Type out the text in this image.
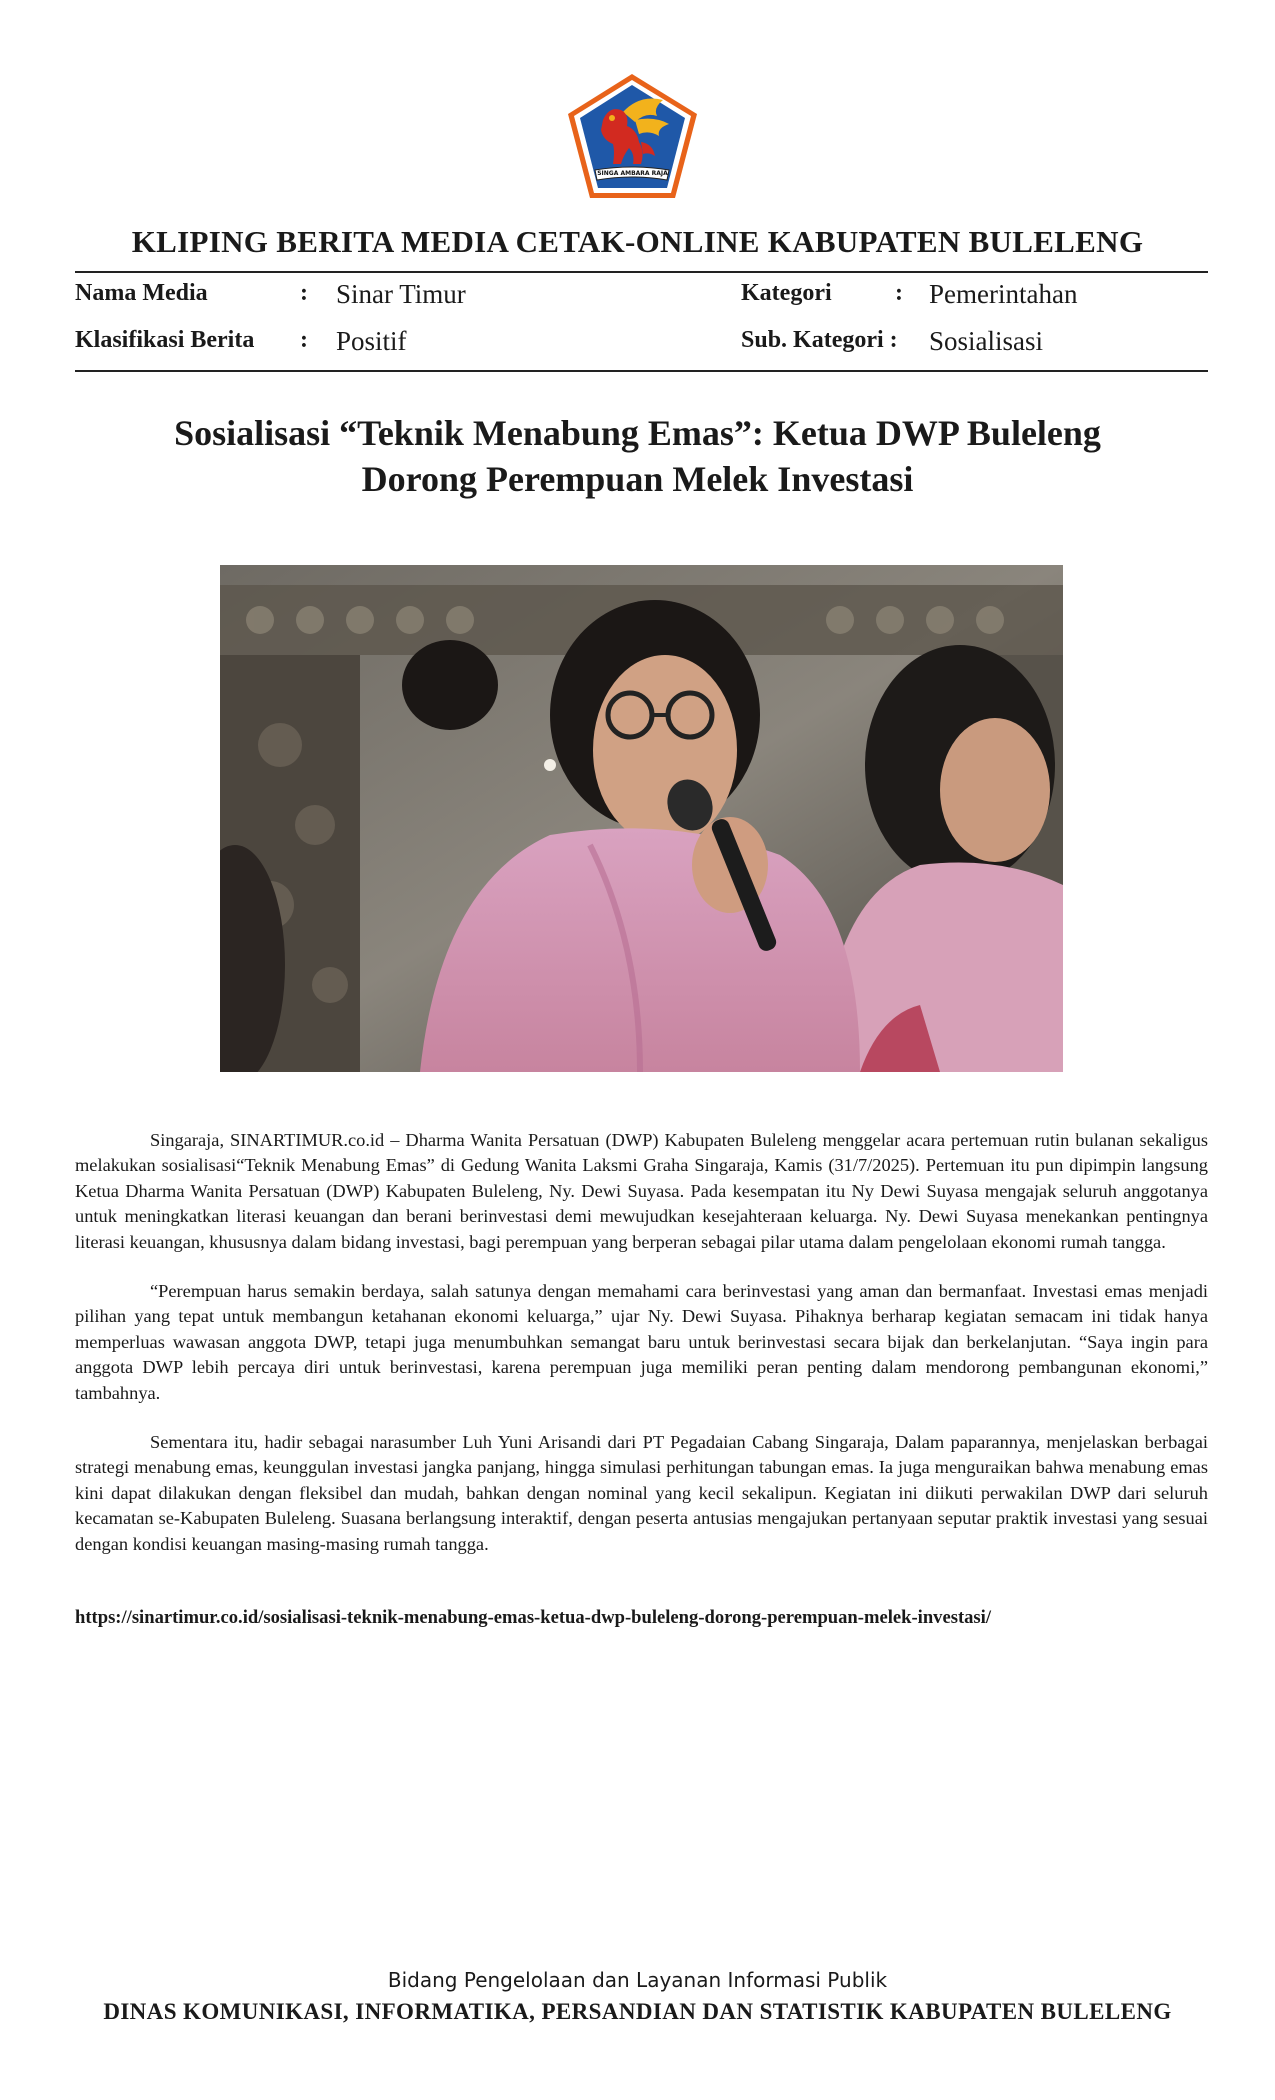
SINGA AMBARA RAJA
KLIPING BERITA MEDIA CETAK-ONLINE KABUPATEN BULELENG
Nama Media	: Sinar Timur	Kategori	: Pemerintahan
Klasifikasi Berita : Positif	Sub. Kategori : Sosialisasi
Sosialisasi “Teknik Menabung Emas”: Ketua DWP Buleleng
Dorong Perempuan Melek Investasi

Singaraja, SINARTIMUR.co.id – Dharma Wanita Persatuan (DWP) Kabupaten Buleleng menggelar acara pertemuan rutin bulanan sekaligus melakukan sosialisasi“Teknik Menabung Emas” di Gedung Wanita Laksmi Graha Singaraja, Kamis (31/7/2025). Pertemuan itu pun dipimpin langsung Ketua Dharma Wanita Persatuan (DWP) Kabupaten Buleleng, Ny. Dewi Suyasa. Pada kesempatan itu Ny Dewi Suyasa mengajak seluruh anggotanya untuk meningkatkan literasi keuangan dan berani berinvestasi demi mewujudkan kesejahteraan keluarga. Ny. Dewi Suyasa menekankan pentingnya literasi keuangan, khususnya dalam bidang investasi, bagi perempuan yang berperan sebagai pilar utama dalam pengelolaan ekonomi rumah tangga.

“Perempuan harus semakin berdaya, salah satunya dengan memahami cara berinvestasi yang aman dan bermanfaat. Investasi emas menjadi pilihan yang tepat untuk membangun ketahanan ekonomi keluarga,” ujar Ny. Dewi Suyasa. Pihaknya berharap kegiatan semacam ini tidak hanya memperluas wawasan anggota DWP, tetapi juga menumbuhkan semangat baru untuk berinvestasi secara bijak dan berkelanjutan. “Saya ingin para anggota DWP lebih percaya diri untuk berinvestasi, karena perempuan juga memiliki peran penting dalam mendorong pembangunan ekonomi,” tambahnya.

Sementara itu, hadir sebagai narasumber Luh Yuni Arisandi dari PT Pegadaian Cabang Singaraja, Dalam paparannya, menjelaskan berbagai strategi menabung emas, keunggulan investasi jangka panjang, hingga simulasi perhitungan tabungan emas. Ia juga menguraikan bahwa menabung emas kini dapat dilakukan dengan fleksibel dan mudah, bahkan dengan nominal yang kecil sekalipun. Kegiatan ini diikuti perwakilan DWP dari seluruh kecamatan se-Kabupaten Buleleng. Suasana berlangsung interaktif, dengan peserta antusias mengajukan pertanyaan seputar praktik investasi yang sesuai dengan kondisi keuangan masing-masing rumah tangga.

https://sinartimur.co.id/sosialisasi-teknik-menabung-emas-ketua-dwp-buleleng-dorong-perempuan-melek-investasi/
Bidang Pengelolaan dan Layanan Informasi Publik
DINAS KOMUNIKASI, INFORMATIKA, PERSANDIAN DAN STATISTIK KABUPATEN BULELENG
